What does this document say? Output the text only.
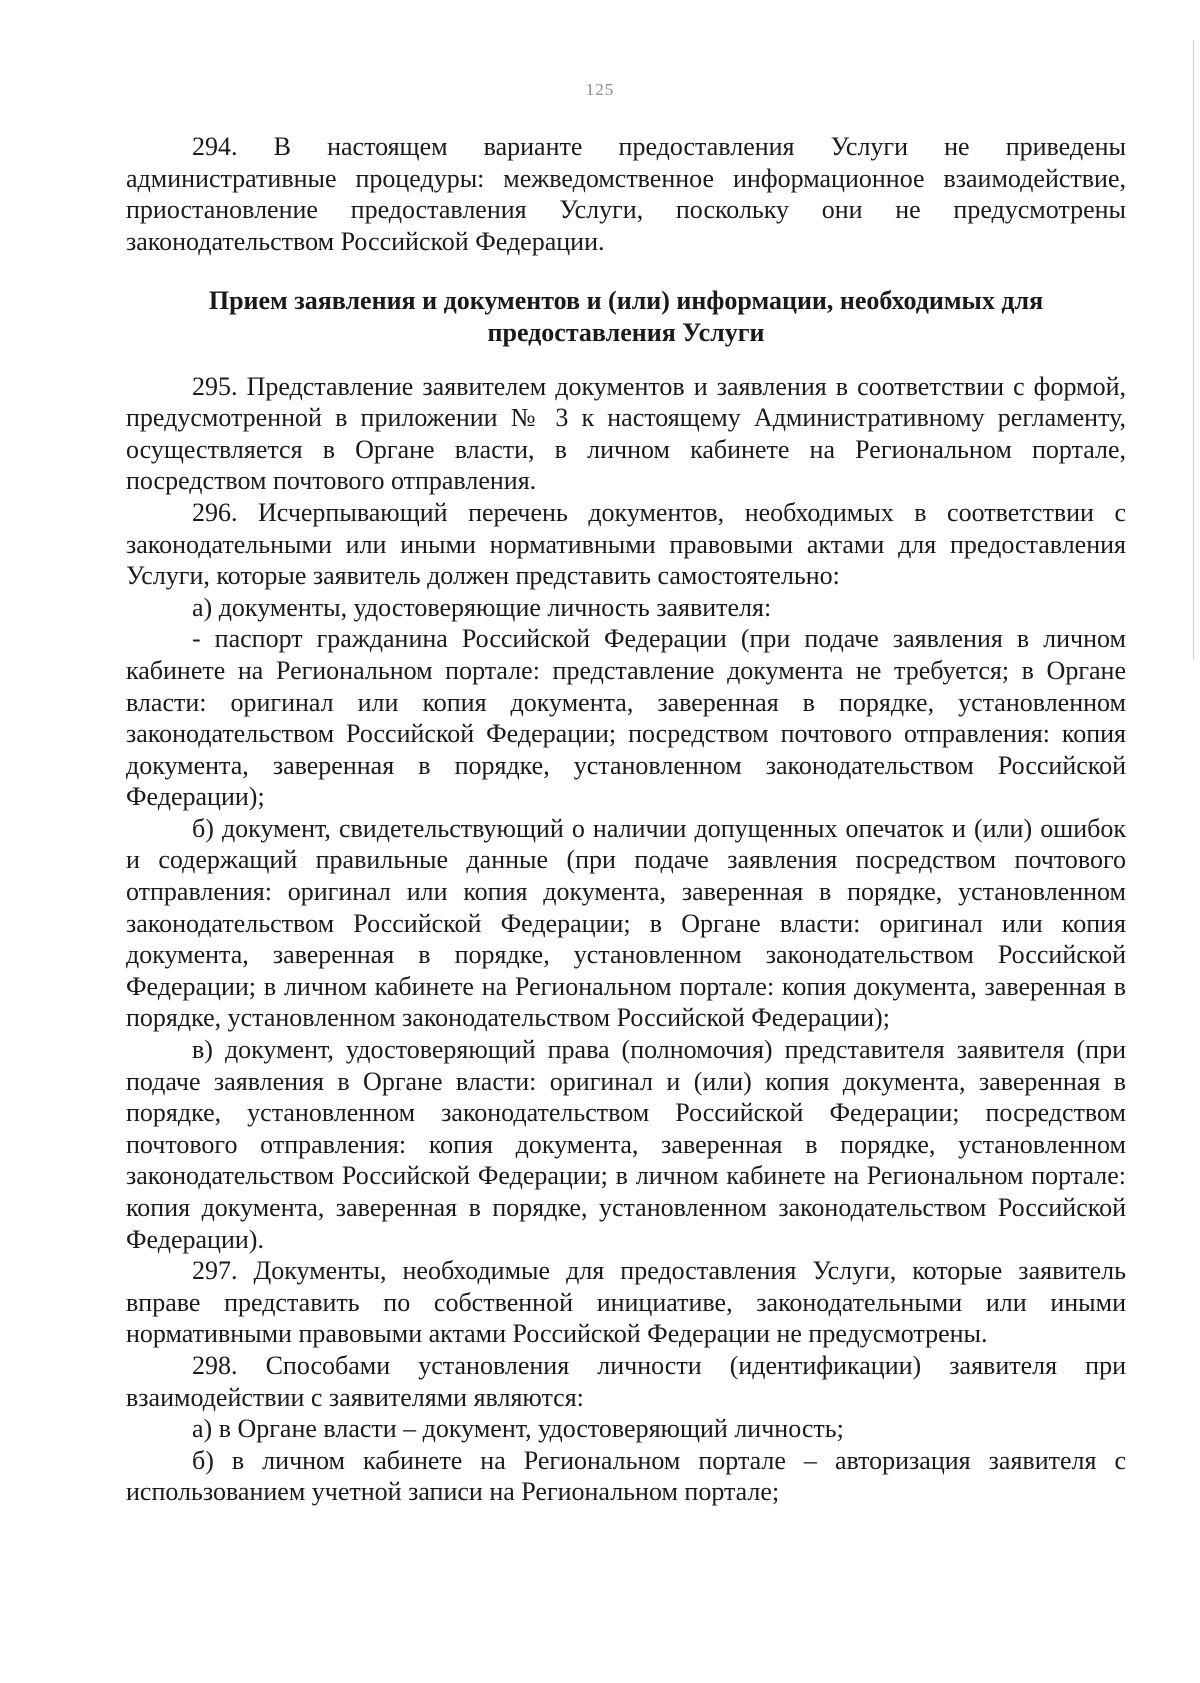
125

294. В настоящем варианте предоставления Услуги не приведены административные процедуры: межведомственное информационное взаимодействие, приостановление предоставления Услуги, поскольку они не предусмотрены законодательством Российской Федерации.

Прием заявления и документов и (или) информации, необходимых для предоставления Услуги

295. Представление заявителем документов и заявления в соответствии с формой, предусмотренной в приложении № 3 к настоящему Административному регламенту, осуществляется в Органе власти, в личном кабинете на Региональном портале, посредством почтового отправления.

296. Исчерпывающий перечень документов, необходимых в соответствии с законодательными или иными нормативными правовыми актами для предоставления Услуги, которые заявитель должен представить самостоятельно:

а) документы, удостоверяющие личность заявителя:

- паспорт гражданина Российской Федерации (при подаче заявления в личном кабинете на Региональном портале: представление документа не требуется; в Органе власти: оригинал или копия документа, заверенная в порядке, установленном законодательством Российской Федерации; посредством почтового отправления: копия документа, заверенная в порядке, установленном законодательством Российской Федерации);

б) документ, свидетельствующий о наличии допущенных опечаток и (или) ошибок и содержащий правильные данные (при подаче заявления посредством почтового отправления: оригинал или копия документа, заверенная в порядке, установленном законодательством Российской Федерации; в Органе власти: оригинал или копия документа, заверенная в порядке, установленном законодательством Российской Федерации; в личном кабинете на Региональном портале: копия документа, заверенная в порядке, установленном законодательством Российской Федерации);

в) документ, удостоверяющий права (полномочия) представителя заявителя (при подаче заявления в Органе власти: оригинал и (или) копия документа, заверенная в порядке, установленном законодательством Российской Федерации; посредством почтового отправления: копия документа, заверенная в порядке, установленном законодательством Российской Федерации; в личном кабинете на Региональном портале: копия документа, заверенная в порядке, установленном законодательством Российской Федерации).

297. Документы, необходимые для предоставления Услуги, которые заявитель вправе представить по собственной инициативе, законодательными или иными нормативными правовыми актами Российской Федерации не предусмотрены.

298. Способами установления личности (идентификации) заявителя при взаимодействии с заявителями являются:

а) в Органе власти – документ, удостоверяющий личность;

б) в личном кабинете на Региональном портале – авторизация заявителя с использованием учетной записи на Региональном портале;
